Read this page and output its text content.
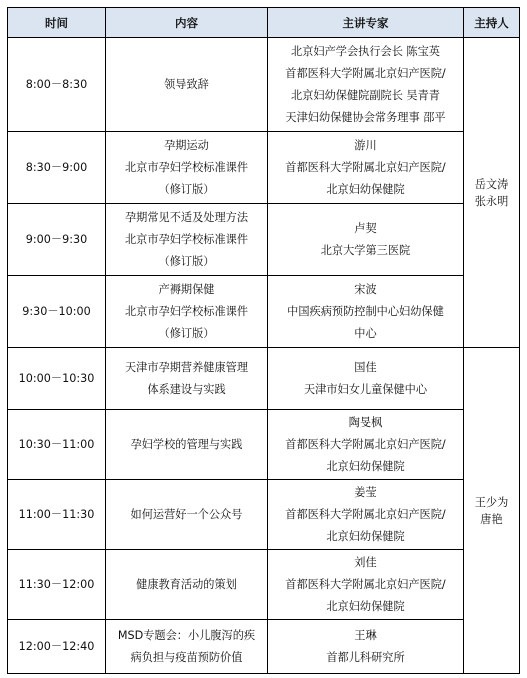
时间	内容	主讲专家	主持人
8:00－8:30	领导致辞	北京妇产学会执行会长 陈宝英
首都医科大学附属北京妇产医院/
北京妇幼保健院副院长 吴青青
天津妇幼保健协会常务理事 邵平	岳文涛
张永明

8:30－9:00	孕期运动
北京市孕妇学校标准课件
（修订版）	游川
首都医科大学附属北京妇产医院/
北京妇幼保健院	

9:00－9:30	孕期常见不适及处理方法
北京市孕妇学校标准课件
（修订版）	卢契
北京大学第三医院	

9:30－10:00	产褥期保健
北京市孕妇学校标准课件
（修订版）	宋波
中国疾病预防控制中心妇幼保健
中心	

10:00－10:30	天津市孕期营养健康管理
体系建设与实践	国佳
天津市妇女儿童保健中心	王少为
唐艳

10:30－11:00	孕妇学校的管理与实践	陶旻枫
首都医科大学附属北京妇产医院/
北京妇幼保健院	

11:00－11:30	如何运营好一个公众号	姜莹
首都医科大学附属北京妇产医院/
北京妇幼保健院	

11:30－12:00	健康教育活动的策划	刘佳
首都医科大学附属北京妇产医院/
北京妇幼保健院	

12:00－12:40	MSD专题会：小儿腹泻的疾
病负担与疫苗预防价值	王琳
首都儿科研究所	
